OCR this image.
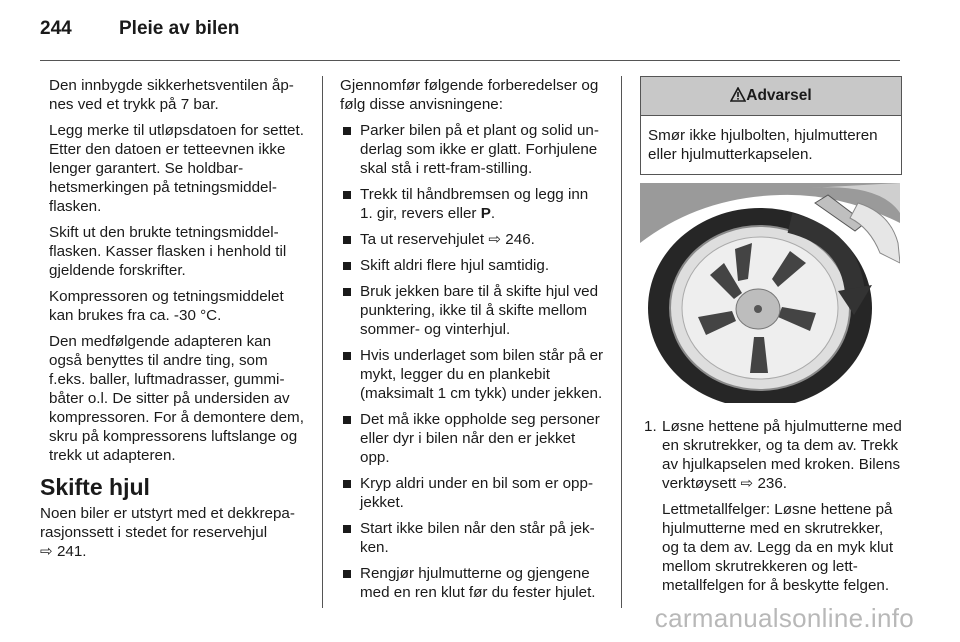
244 Pleie av bilen

Den innbygde sikkerhetsventilen åpnes ved et trykk på 7 bar.

Legg merke til utløpsdatoen for settet. Etter den datoen er tetteevnen ikke lenger garantert. Se holdbarhetsmerkingen på tetningsmiddelflasken.

Skift ut den brukte tetningsmiddelflasken. Kasser flasken i henhold til gjeldende forskrifter.

Kompressoren og tetningsmiddelet kan brukes fra ca. -30 °C.

Den medfølgende adapteren kan også benyttes til andre ting, som f.eks. baller, luftmadrasser, gummibåter o.l. De sitter på undersiden av kompressoren. For å demontere dem, skru på kompressorens luftslange og trekk ut adapteren.

Skifte hjul

Noen biler er utstyrt med et dekkreparasjonssett i stedet for reservehjul
⇨ 241.

Gjennomfør følgende forberedelser og følg disse anvisningene:

Parker bilen på et plant og solid underlag som ikke er glatt. Forhjulene skal stå i rett-fram-stilling.
Trekk til håndbremsen og legg inn 1. gir, revers eller P.
Ta ut reservehjulet ⇨ 246.
Skift aldri flere hjul samtidig.
Bruk jekken bare til å skifte hjul ved punktering, ikke til å skifte mellom sommer- og vinterhjul.
Hvis underlaget som bilen står på er mykt, legger du en plankebit (maksimalt 1 cm tykk) under jekken.
Det må ikke oppholde seg personer eller dyr i bilen når den er jekket opp.
Kryp aldri under en bil som er oppjekket.
Start ikke bilen når den står på jekken.
Rengjør hjulmutterne og gjengene med en ren klut før du fester hjulet.
Advarsel
Smør ikke hjulbolten, hjulmutteren eller hjulmutterkapselen.
1. Løsne hettene på hjulmutterne med en skrutrekker, og ta dem av. Trekk av hjulkapselen med kroken. Bilens verktøysett ⇨ 236.

Lettmetallfelger: Løsne hettene på hjulmutterne med en skrutrekker, og ta dem av. Legg da en myk klut mellom skrutrekkeren og lettmetallfelgen for å beskytte felgen.

carmanualsonline.info
